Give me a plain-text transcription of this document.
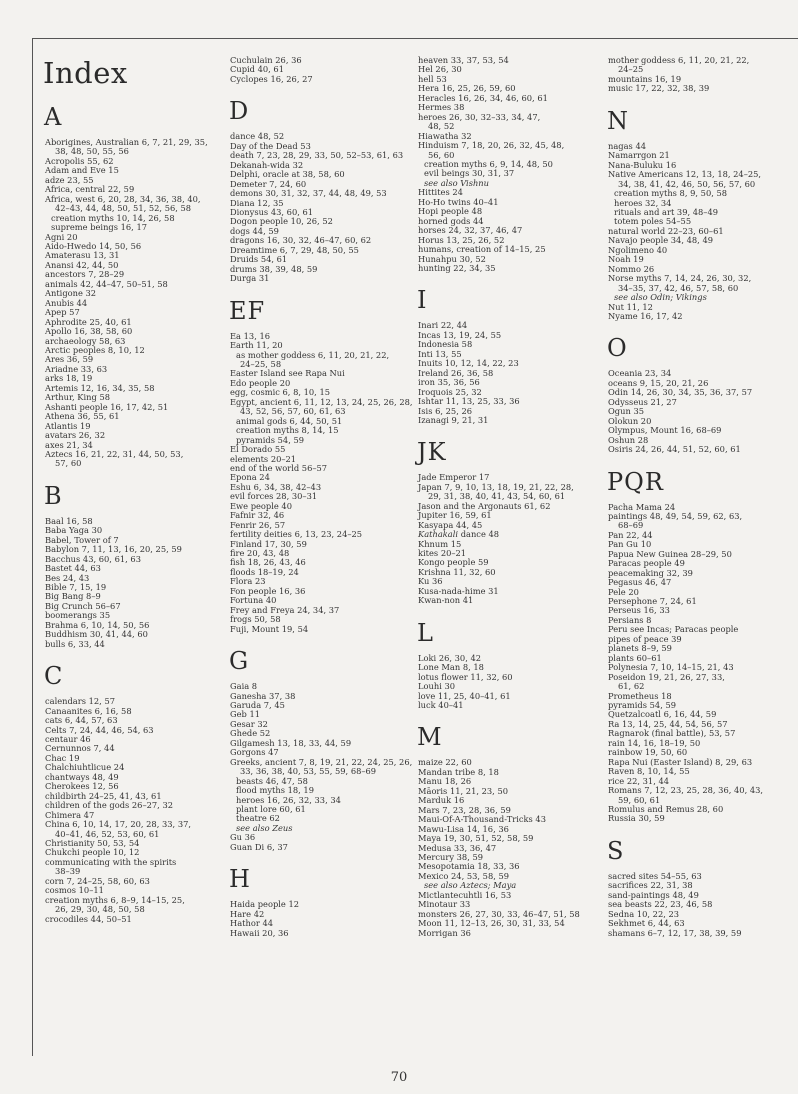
Index
A
Aborigines, Australian 6, 7, 21, 29, 35,
38, 48, 50, 55, 56
Acropolis 55, 62
Adam and Eve 15
adze 23, 55
Africa, central 22, 59
Africa, west 6, 20, 28, 34, 36, 38, 40,
42–43, 44, 48, 50, 51, 52, 56, 58
creation myths 10, 14, 26, 58
supreme beings 16, 17
Agni 20
Aido-Hwedo 14, 50, 56
Amaterasu 13, 31
Anansi 42, 44, 50
ancestors 7, 28–29
animals 42, 44–47, 50–51, 58
Antigone 32
Anubis 44
Apep 57
Aphrodite 25, 40, 61
Apollo 16, 38, 58, 60
archaeology 58, 63
Arctic peoples 8, 10, 12
Ares 36, 59
Ariadne 33, 63
arks 18, 19
Artemis 12, 16, 34, 35, 58
Arthur, King 58
Ashanti people 16, 17, 42, 51
Athena 36, 55, 61
Atlantis 19
avatars 26, 32
axes 21, 34
Aztecs 16, 21, 22, 31, 44, 50, 53,
57, 60
B
Baal 16, 58
Baba Yaga 30
Babel, Tower of 7
Babylon 7, 11, 13, 16, 20, 25, 59
Bacchus 43, 60, 61, 63
Bastet 44, 63
Bes 24, 43
Bible 7, 15, 19
Big Bang 8–9
Big Crunch 56–67
boomerangs 35
Brahma 6, 10, 14, 50, 56
Buddhism 30, 41, 44, 60
bulls 6, 33, 44
C
calendars 12, 57
Canaanites 6, 16, 58
cats 6, 44, 57, 63
Celts 7, 24, 44, 46, 54, 63
centaur 46
Cernunnos 7, 44
Chac 19
Chalchiuhtlicue 24
chantways 48, 49
Cherokees 12, 56
childbirth 24–25, 41, 43, 61
children of the gods 26–27, 32
Chimera 47
China 6, 10, 14, 17, 20, 28, 33, 37,
40–41, 46, 52, 53, 60, 61
Christianity 50, 53, 54
Chukchi people 10, 12
communicating with the spirits
38–39
corn 7, 24–25, 58, 60, 63
cosmos 10–11
creation myths 6, 8–9, 14–15, 25,
26, 29, 30, 48, 50, 58
crocodiles 44, 50–51
Cuchulain 26, 36
Cupid 40, 61
Cyclopes 16, 26, 27
D
dance 48, 52
Day of the Dead 53
death 7, 23, 28, 29, 33, 50, 52–53, 61, 63
Dekanah-wida 32
Delphi, oracle at 38, 58, 60
Demeter 7, 24, 60
demons 30, 31, 32, 37, 44, 48, 49, 53
Diana 12, 35
Dionysus 43, 60, 61
Dogon people 10, 26, 52
dogs 44, 59
dragons 16, 30, 32, 46–47, 60, 62
Dreamtime 6, 7, 29, 48, 50, 55
Druids 54, 61
drums 38, 39, 48, 59
Durga 31
EF
Ea 13, 16
Earth 11, 20
as mother goddess 6, 11, 20, 21, 22,
24–25, 58
Easter Island see Rapa Nui
Edo people 20
egg, cosmic 6, 8, 10, 15
Egypt, ancient 6, 11, 12, 13, 24, 25, 26, 28,
43, 52, 56, 57, 60, 61, 63
animal gods 6, 44, 50, 51
creation myths 8, 14, 15
pyramids 54, 59
El Dorado 55
elements 20–21
end of the world 56–57
Epona 24
Eshu 6, 34, 38, 42–43
evil forces 28, 30–31
Ewe people 40
Fafnir 32, 46
Fenrir 26, 57
fertility deities 6, 13, 23, 24–25
Finland 17, 30, 59
fire 20, 43, 48
fish 18, 26, 43, 46
floods 18–19, 24
Flora 23
Fon people 16, 36
Fortuna 40
Frey and Freya 24, 34, 37
frogs 50, 58
Fuji, Mount 19, 54
G
Gaia 8
Ganesha 37, 38
Garuda 7, 45
Geb 11
Gesar 32
Ghede 52
Gilgamesh 13, 18, 33, 44, 59
Gorgons 47
Greeks, ancient 7, 8, 19, 21, 22, 24, 25, 26,
33, 36, 38, 40, 53, 55, 59, 68–69
beasts 46, 47, 58
flood myths 18, 19
heroes 16, 26, 32, 33, 34
plant lore 60, 61
theatre 62
see also Zeus
Gu 36
Guan Di 6, 37
H
Haida people 12
Hare 42
Hathor 44
Hawaii 20, 36
heaven 33, 37, 53, 54
Hel 26, 30
hell 53
Hera 16, 25, 26, 59, 60
Heracles 16, 26, 34, 46, 60, 61
Hermes 38
heroes 26, 30, 32–33, 34, 47,
48, 52
Hiawatha 32
Hinduism 7, 18, 20, 26, 32, 45, 48,
56, 60
creation myths 6, 9, 14, 48, 50
evil beings 30, 31, 37
see also Vishnu
Hittites 24
Ho-Ho twins 40–41
Hopi people 48
horned gods 44
horses 24, 32, 37, 46, 47
Horus 13, 25, 26, 52
humans, creation of 14–15, 25
Hunahpu 30, 52
hunting 22, 34, 35
I
Inari 22, 44
Incas 13, 19, 24, 55
Indonesia 58
Inti 13, 55
Inuits 10, 12, 14, 22, 23
Ireland 26, 36, 58
iron 35, 36, 56
Iroquois 25, 32
Ishtar 11, 13, 25, 33, 36
Isis 6, 25, 26
Izanagi 9, 21, 31
JK
Jade Emperor 17
Japan 7, 9, 10, 13, 18, 19, 21, 22, 28,
29, 31, 38, 40, 41, 43, 54, 60, 61
Jason and the Argonauts 61, 62
Jupiter 16, 59, 61
Kasyapa 44, 45
Kathakali dance 48
Khnum 15
kites 20–21
Kongo people 59
Krishna 11, 32, 60
Ku 36
Kusa-nada-hime 31
Kwan-non 41
L
Loki 26, 30, 42
Lone Man 8, 18
lotus flower 11, 32, 60
Louhi 30
love 11, 25, 40–41, 61
luck 40–41
M
maize 22, 60
Mandan tribe 8, 18
Manu 18, 26
Māoris 11, 21, 23, 50
Marduk 16
Mars 7, 23, 28, 36, 59
Maui-Of-A-Thousand-Tricks 43
Mawu-Lisa 14, 16, 36
Maya 19, 30, 51, 52, 58, 59
Medusa 33, 36, 47
Mercury 38, 59
Mesopotamia 18, 33, 36
Mexico 24, 53, 58, 59
see also Aztecs; Maya
Mictlantecuhtli 16, 53
Minotaur 33
monsters 26, 27, 30, 33, 46–47, 51, 58
Moon 11, 12–13, 26, 30, 31, 33, 54
Morrigan 36
mother goddess 6, 11, 20, 21, 22,
24–25
mountains 16, 19
music 17, 22, 32, 38, 39
N
nagas 44
Namarrgon 21
Nana-Buluku 16
Native Americans 12, 13, 18, 24–25,
34, 38, 41, 42, 46, 50, 56, 57, 60
creation myths 8, 9, 50, 58
heroes 32, 34
rituals and art 39, 48–49
totem poles 54–55
natural world 22–23, 60–61
Navajo people 34, 48, 49
Ngolimeno 40
Noah 19
Nommo 26
Norse myths 7, 14, 24, 26, 30, 32,
34–35, 37, 42, 46, 57, 58, 60
see also Odin; Vikings
Nut 11, 12
Nyame 16, 17, 42
O
Oceania 23, 34
oceans 9, 15, 20, 21, 26
Odin 14, 26, 30, 34, 35, 36, 37, 57
Odysseus 21, 27
Ogun 35
Olokun 20
Olympus, Mount 16, 68–69
Oshun 28
Osiris 24, 26, 44, 51, 52, 60, 61
PQR
Pacha Mama 24
paintings 48, 49, 54, 59, 62, 63,
68–69
Pan 22, 44
Pan Gu 10
Papua New Guinea 28–29, 50
Paracas people 49
peacemaking 32, 39
Pegasus 46, 47
Pele 20
Persephone 7, 24, 61
Perseus 16, 33
Persians 8
Peru see Incas; Paracas people
pipes of peace 39
planets 8–9, 59
plants 60–61
Polynesia 7, 10, 14–15, 21, 43
Poseidon 19, 21, 26, 27, 33,
61, 62
Prometheus 18
pyramids 54, 59
Quetzalcoatl 6, 16, 44, 59
Ra 13, 14, 25, 44, 54, 56, 57
Ragnarok (final battle), 53, 57
rain 14, 16, 18–19, 50
rainbow 19, 50, 60
Rapa Nui (Easter Island) 8, 29, 63
Raven 8, 10, 14, 55
rice 22, 31, 44
Romans 7, 12, 23, 25, 28, 36, 40, 43,
59, 60, 61
Romulus and Remus 28, 60
Russia 30, 59
S
sacred sites 54–55, 63
sacrifices 22, 31, 38
sand-paintings 48, 49
sea beasts 22, 23, 46, 58
Sedna 10, 22, 23
Sekhmet 6, 44, 63
shamans 6–7, 12, 17, 38, 39, 59
70
